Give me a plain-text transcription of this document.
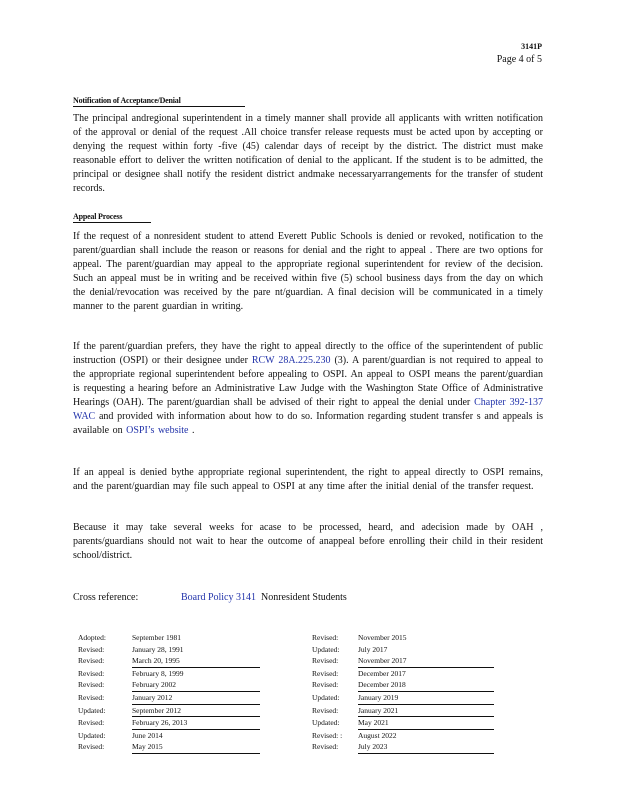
3141P
Page 4 of 5
Notification of Acceptance/Denial
The principal andregional superintendent in a timely manner shall provide all applicants with written notification of the approval or denial of the request .All choice transfer release requests must be acted upon by accepting or denying the request within forty -five (45) calendar days of receipt by the district. The district must make reasonable effort to deliver the written notification of denial to the applicant. If the student is to be admitted, the principal or designee shall notify the resident district andmake necessaryarrangements for the transfer of student records.
Appeal Process
If the request of a nonresident student to attend Everett Public Schools is denied or revoked, notification to the parent/guardian shall include the reason or reasons for denial and the right to appeal . There are two options for appeal. The parent/guardian may appeal to the appropriate regional superintendent for review of the decision. Such an appeal must be in writing and be received within five (5) school business days from the day on which the denial/revocation was received by the pare nt/guardian. A final decision will be communicated in a timely manner to the parent guardian in writing.
If the parent/guardian prefers, they have the right to appeal directly to the office of the superintendent of public instruction (OSPI) or their designee under RCW 28A.225.230 (3). A parent/guardian is not required to appeal to the appropriate regional superintendent before appealing to OSPI. An appeal to OSPI means the parent/guardian is requesting a hearing before an Administrative Law Judge with the Washington State Office of Administrative Hearings (OAH). The parent/guardian shall be advised of their right to appeal the denial under Chapter 392-137 WAC and provided with information about how to do so. Information regarding student transfer s and appeals is available on OSPI’s website .
If an appeal is denied bythe appropriate regional superintendent, the right to appeal directly to OSPI remains, and the parent/guardian may file such appeal to OSPI at any time after the initial denial of the transfer request.
Because it may take several weeks for acase to be processed, heard, and adecision made by OAH , parents/guardians should not wait to hear the outcome of anappeal before enrolling their child in their resident school/district.
Cross reference:	Board Policy 3141 Nonresident Students
Adopted:	September 1981
Revised:	January 28, 1991
Revised:	March 20, 1995
Revised:	February 8, 1999
Revised:	February 2002
Revised:	January 2012
Updated:	September 2012
Revised:	February 26, 2013
Updated:	June 2014
Revised:	May 2015
Revised:	November 2015
Updated:	July 2017
Revised:	November 2017
Revised:	December 2017
Revised:	December 2018
Updated:	January 2019
Revised:	January 2021
Updated:	May 2021
Revised: :	August 2022
Revised:	July 2023
